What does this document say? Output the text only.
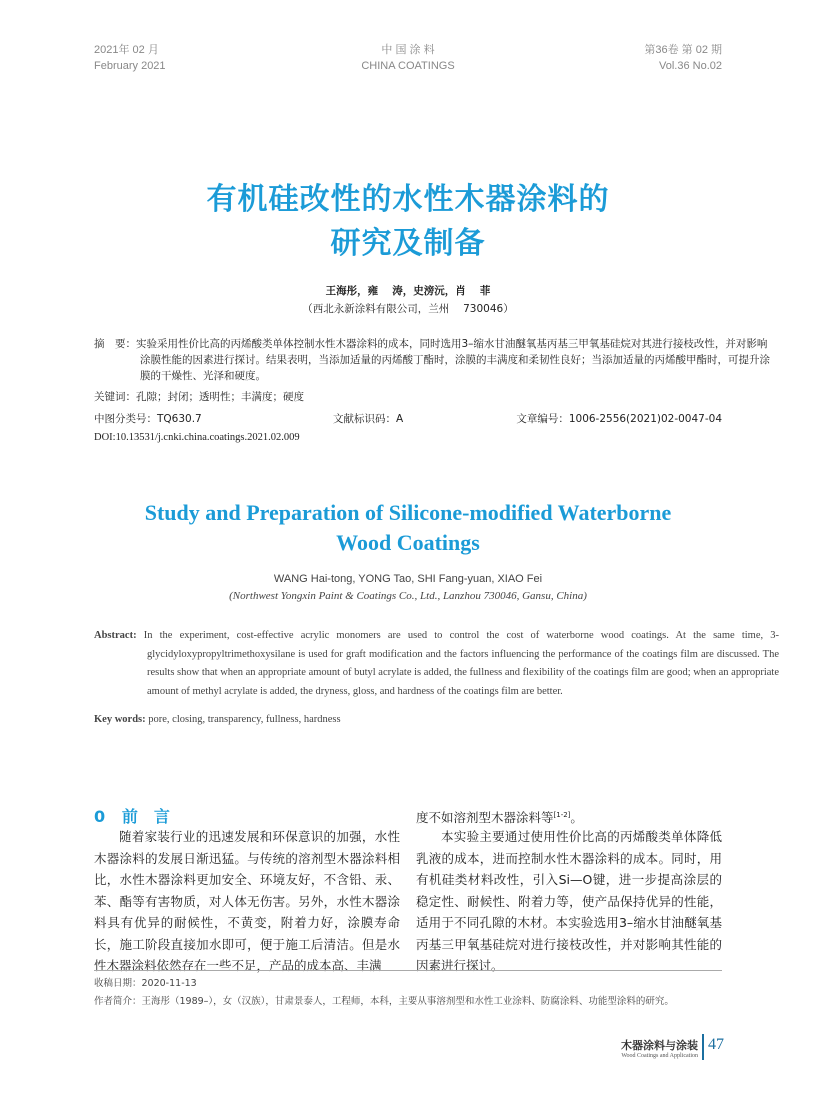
2021年 02 月
February 2021
中 国 涂 料
CHINA COATINGS
第36卷 第 02 期
Vol.36 No.02
有机硅改性的水性木器涂料的
研究及制备
王海彤，雍　 涛，史滂沅，肖　 菲
（西北永新涂料有限公司，兰州　 730046）
摘　要：实验采用性价比高的丙烯酸类单体控制水性木器涂料的成本，同时选用3–缩水甘油醚氧基丙基三甲氧基硅烷对其进行接枝改性，并对影响涂膜性能的因素进行探讨。结果表明，当添加适量的丙烯酸丁酯时，涂膜的丰满度和柔韧性良好；当添加适量的丙烯酸甲酯时，可提升涂膜的干燥性、光泽和硬度。
关键词：孔隙；封闭；透明性；丰满度；硬度
中图分类号：TQ630.7	文献标识码：A	文章编号：1006-2556(2021)02-0047-04
DOI:10.13531/j.cnki.china.coatings.2021.02.009
Study and Preparation of Silicone-modified Waterborne
Wood Coatings
WANG Hai-tong, YONG Tao, SHI Fang-yuan, XIAO Fei
(Northwest Yongxin Paint & Coatings Co., Ltd., Lanzhou 730046, Gansu, China)
Abstract: In the experiment, cost-effective acrylic monomers are used to control the cost of waterborne wood coatings. At the same time, 3-glycidyloxypropyltrimethoxysilane is used for graft modification and the factors influencing the performance of the coatings film are discussed. The results show that when an appropriate amount of butyl acrylate is added, the fullness and flexibility of the coatings film are good; when an appropriate amount of methyl acrylate is added, the dryness, gloss, and hardness of the coatings film are better.
Key words: pore, closing, transparency, fullness, hardness
0 前　言
随着家装行业的迅速发展和环保意识的加强，水性木器涂料的发展日渐迅猛。与传统的溶剂型木器涂料相比，水性木器涂料更加安全、环境友好，不含铅、汞、苯、酯等有害物质，对人体无伤害。另外，水性木器涂料具有优异的耐候性，不黄变，附着力好，涂膜寿命长，施工阶段直接加水即可，便于施工后清洁。但是水性木器涂料依然存在一些不足，产品的成本高、丰满
度不如溶剂型木器涂料等[1-2]。
本实验主要通过使用性价比高的丙烯酸类单体降低乳液的成本，进而控制水性木器涂料的成本。同时，用有机硅类材料改性，引入Si—O键，进一步提高涂层的稳定性、耐候性、附着力等，使产品保持优异的性能，适用于不同孔隙的木材。本实验选用3–缩水甘油醚氧基丙基三甲氧基硅烷对进行接枝改性，并对影响其性能的因素进行探讨。
收稿日期：2020-11-13
作者简介：王海彤（1989–），女（汉族），甘肃景泰人，工程师，本科，主要从事溶剂型和水性工业涂料、防腐涂料、功能型涂料的研究。
木器涂料与涂装
Wood Coatings and Application
47
